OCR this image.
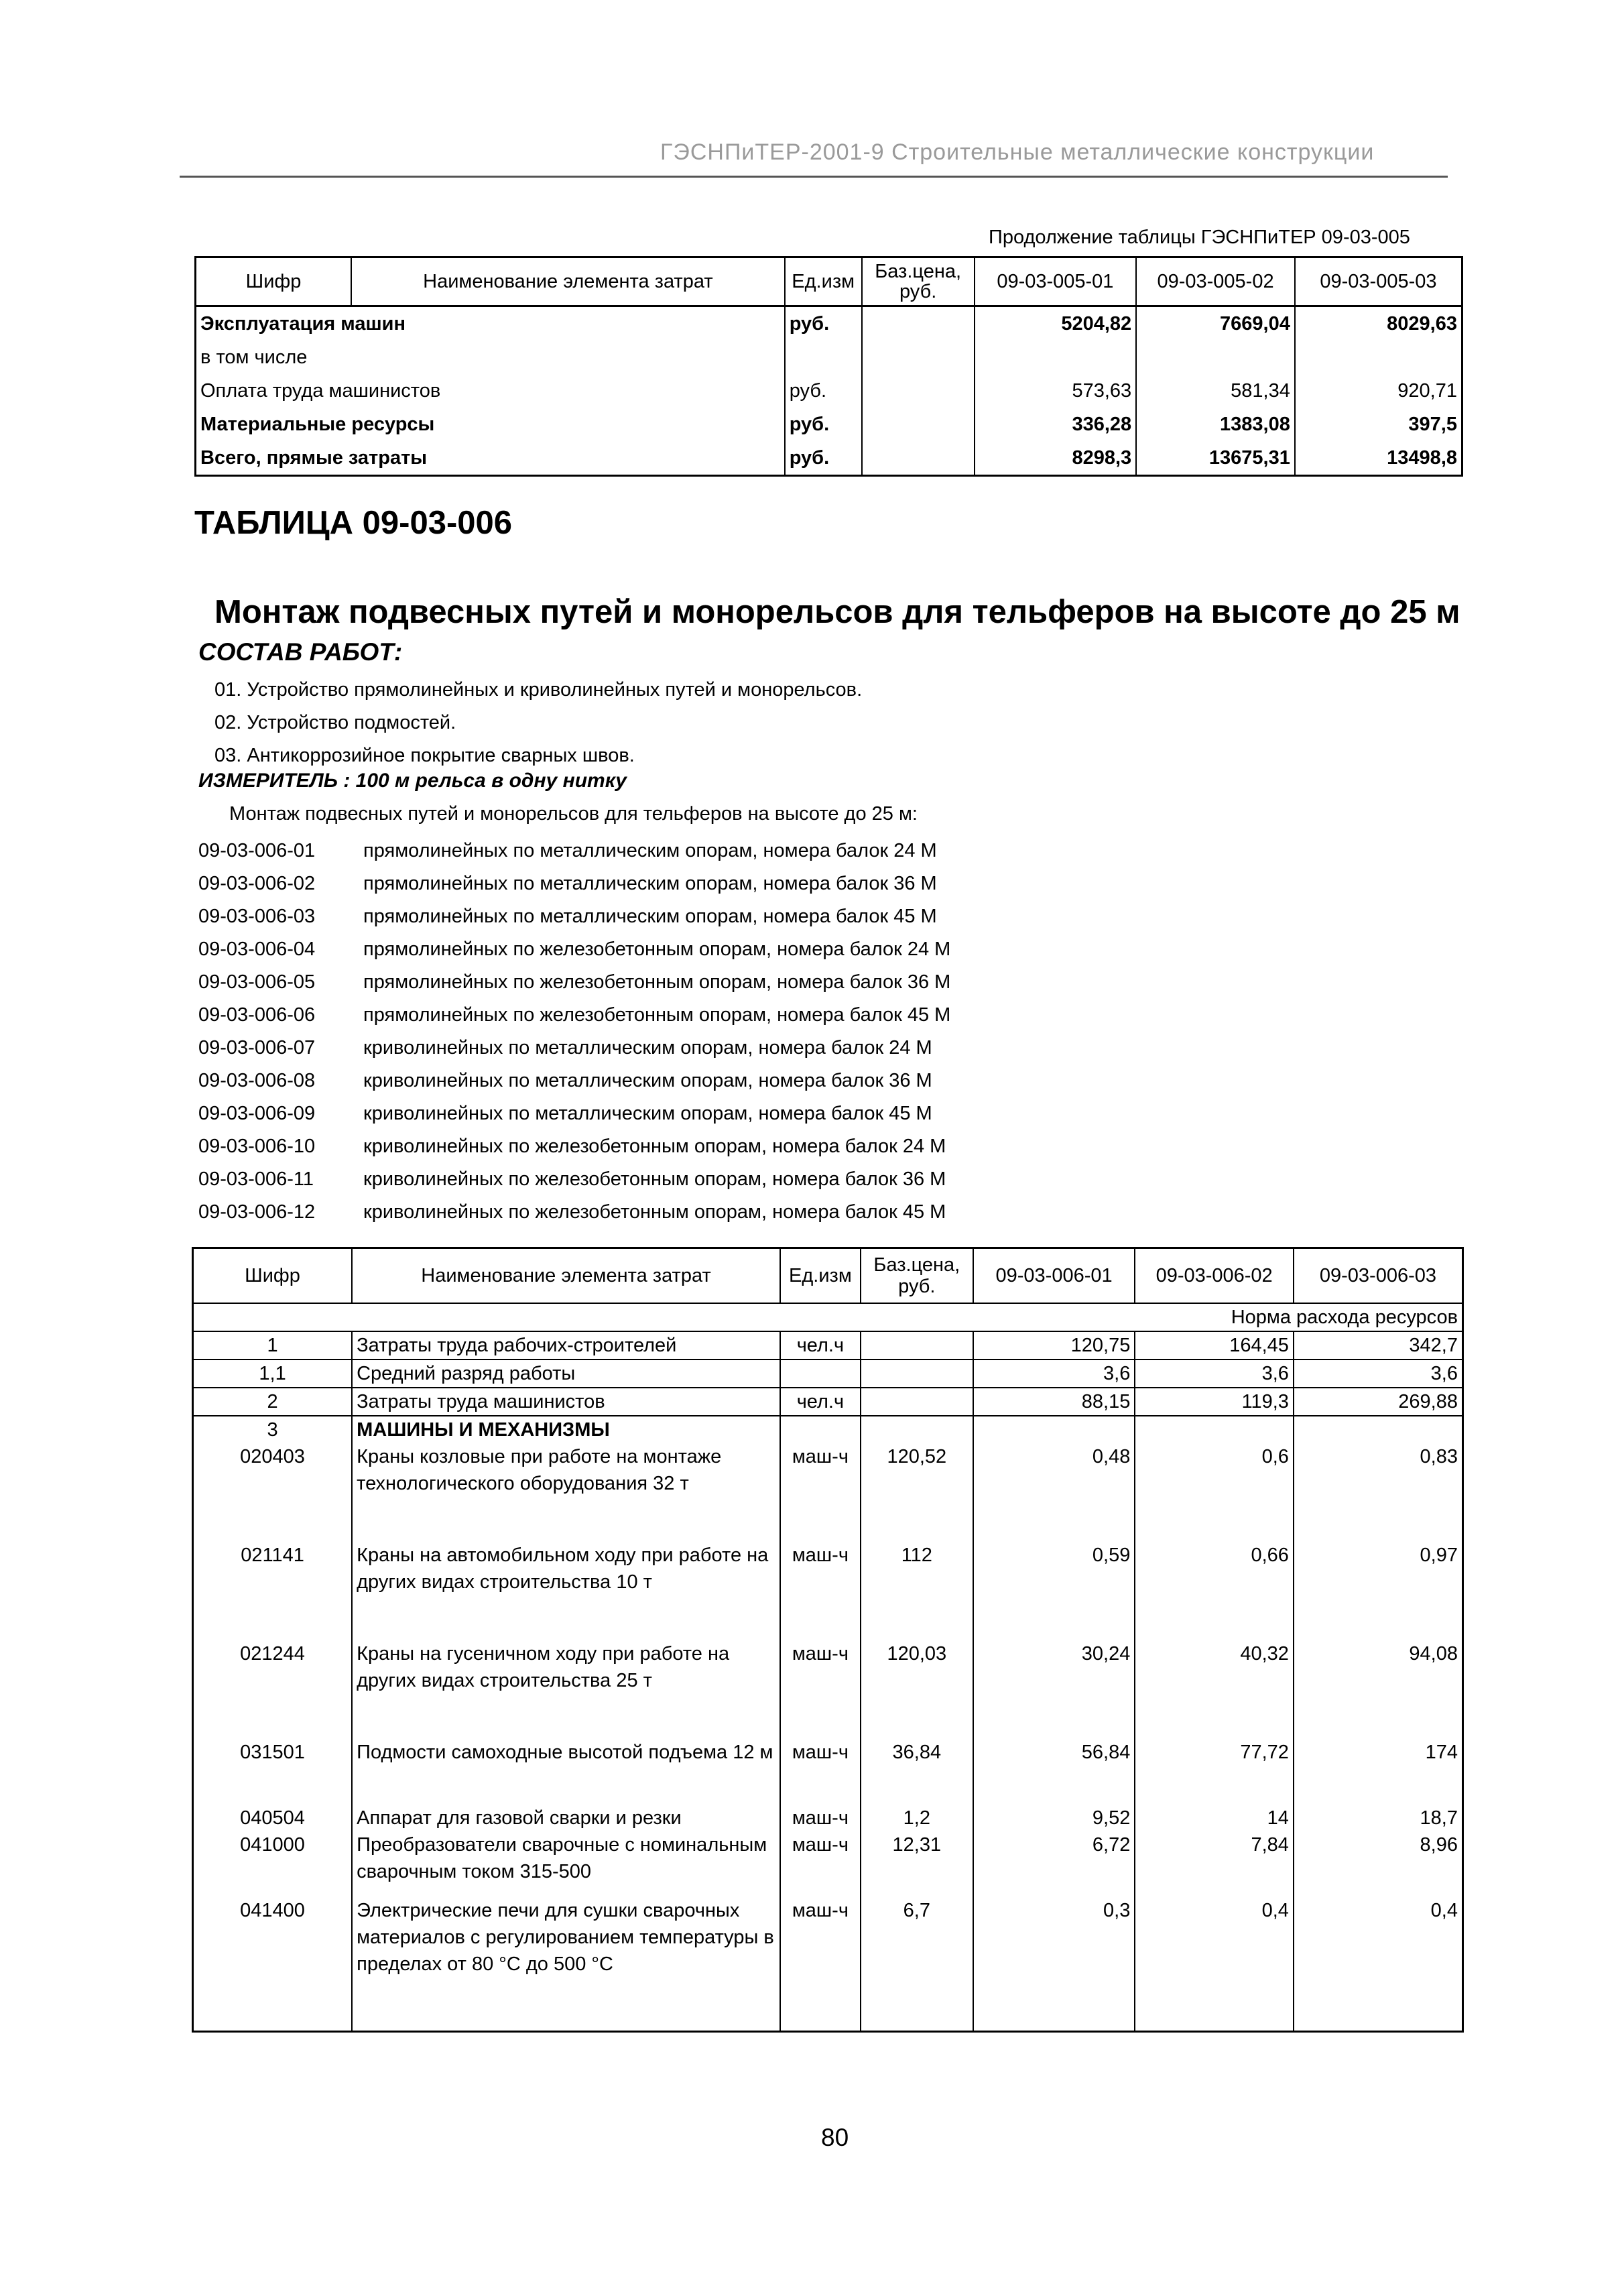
ГЭСНПиТЕР-2001-9 Строительные металлические конструкции
Продолжение таблицы ГЭСНПиТЕР 09-03-005
Шифр	Наименование элемента затрат	Ед.изм	Баз.цена, руб.	09-03-005-01	09-03-005-02	09-03-005-03
Эксплуатация машин		руб.		5204,82	7669,04	8029,63
в том числе						
Оплата труда машинистов		руб.		573,63	581,34	920,71
Материальные ресурсы		руб.		336,28	1383,08	397,5
Всего, прямые затраты		руб.		8298,3	13675,31	13498,8
ТАБЛИЦА 09-03-006
Монтаж подвесных путей и монорельсов для тельферов на высоте до 25 м
СОСТАВ РАБОТ:
01. Устройство прямолинейных и криволинейных путей и монорельсов.
02. Устройство подмостей.
03. Антикоррозийное покрытие сварных швов.
ИЗМЕРИТЕЛЬ : 100 м рельса в одну нитку
Монтаж подвесных путей и монорельсов для тельферов на высоте до 25 м:
09-03-006-01	прямолинейных по металлическим опорам, номера балок 24 М
09-03-006-02	прямолинейных по металлическим опорам, номера балок 36 М
09-03-006-03	прямолинейных по металлическим опорам, номера балок 45 М
09-03-006-04	прямолинейных по железобетонным опорам, номера балок 24 М
09-03-006-05	прямолинейных по железобетонным опорам, номера балок 36 М
09-03-006-06	прямолинейных по железобетонным опорам, номера балок 45 М
09-03-006-07	криволинейных по металлическим опорам, номера балок 24 М
09-03-006-08	криволинейных по металлическим опорам, номера балок 36 М
09-03-006-09	криволинейных по металлическим опорам, номера балок 45 М
09-03-006-10	криволинейных по железобетонным опорам, номера балок 24 М
09-03-006-11	криволинейных по железобетонным опорам, номера балок 36 М
09-03-006-12	криволинейных по железобетонным опорам, номера балок 45 М
Шифр	Наименование элемента затрат	Ед.изм	Баз.цена, руб.	09-03-006-01	09-03-006-02	09-03-006-03
Норма расхода ресурсов						
1	Затраты труда рабочих-строителей	чел.ч		120,75	164,45	342,7
1,1	Средний разряд работы			3,6	3,6	3,6
2	Затраты труда машинистов	чел.ч		88,15	119,3	269,88
3	МАШИНЫ И МЕХАНИЗМЫ					
020403	Краны козловые при работе на монтаже технологического оборудования 32 т	маш-ч	120,52	0,48	0,6	0,83
021141	Краны на автомобильном ходу при работе на других видах строительства 10 т	маш-ч	112	0,59	0,66	0,97
021244	Краны на гусеничном ходу при работе на других видах строительства 25 т	маш-ч	120,03	30,24	40,32	94,08
031501	Подмости самоходные высотой подъема 12 м	маш-ч	36,84	56,84	77,72	174
040504	Аппарат для газовой сварки и резки	маш-ч	1,2	9,52	14	18,7
041000	Преобразователи сварочные с номинальным сварочным током 315-500	маш-ч	12,31	6,72	7,84	8,96
041400	Электрические печи для сушки сварочных материалов с регулированием температуры в пределах от 80 °С до 500 °С	маш-ч	6,7	0,3	0,4	0,4
80
